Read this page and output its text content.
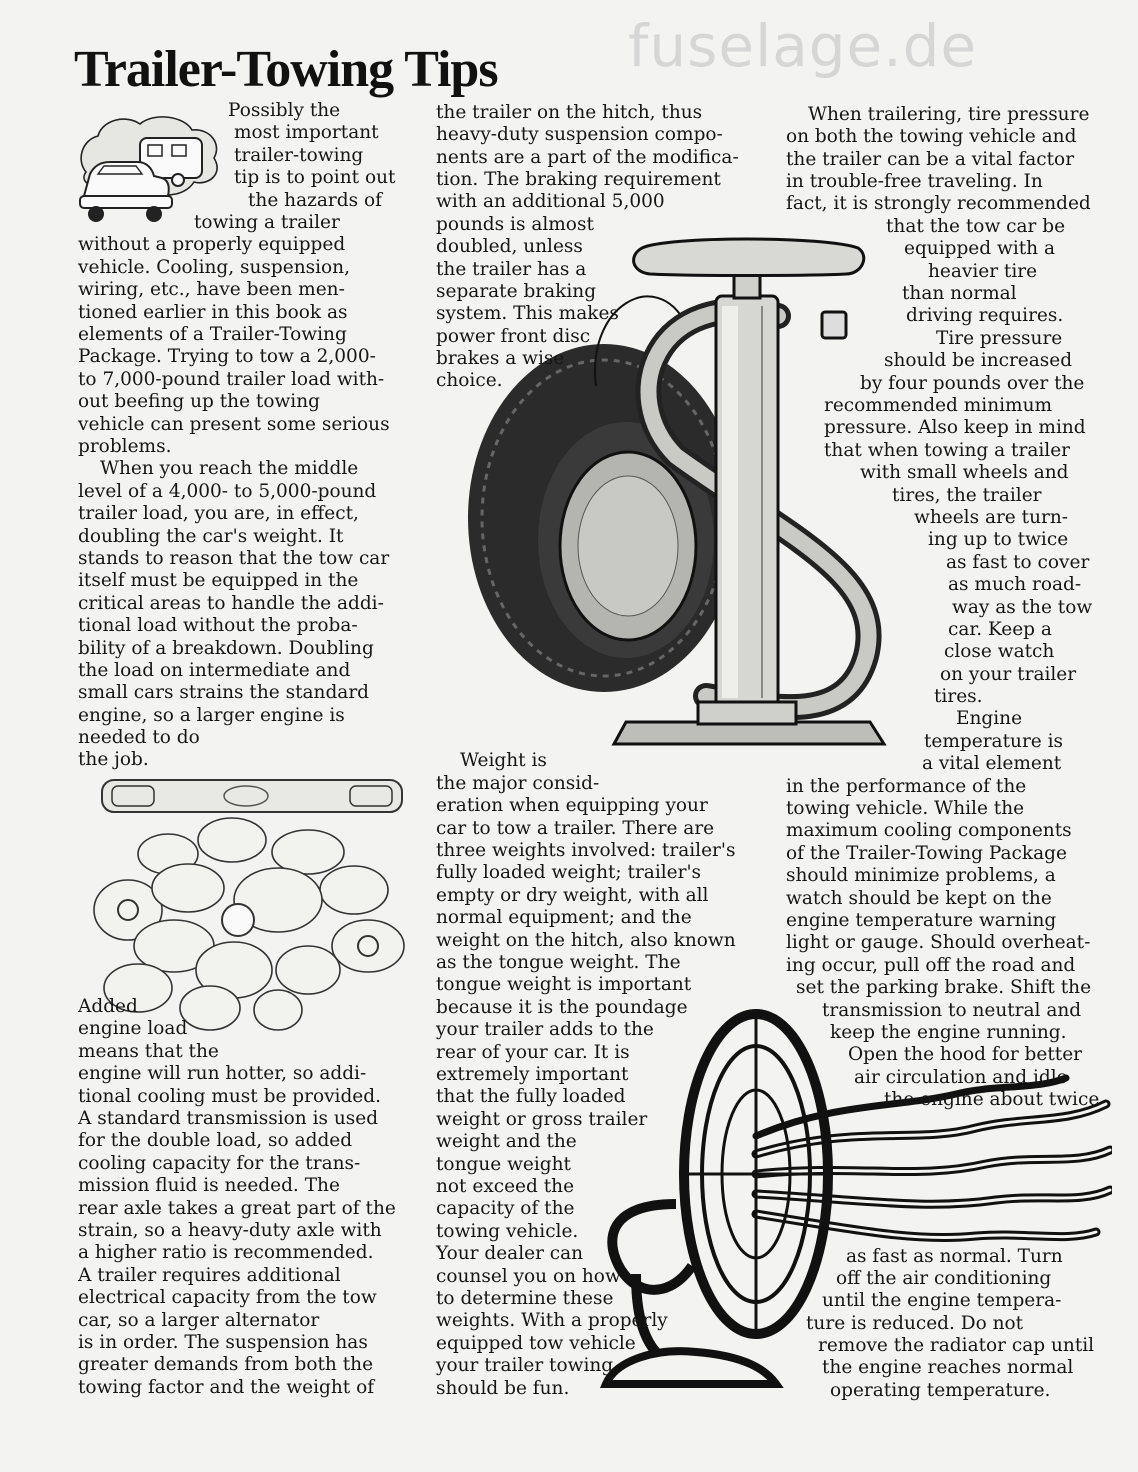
fuselage.de
Trailer-Towing Tips
Possibly the
most important
trailer-towing
tip is to point out
the hazards of
towing a trailer
without a properly equipped
vehicle. Cooling, suspension,
wiring, etc., have been men-
tioned earlier in this book as
elements of a Trailer-Towing
Package. Trying to tow a 2,000-
to 7,000-pound trailer load with-
out beefing up the towing
vehicle can present some serious
problems.
When you reach the middle
level of a 4,000- to 5,000-pound
trailer load, you are, in effect,
doubling the car's weight. It
stands to reason that the tow car
itself must be equipped in the
critical areas to handle the addi-
tional load without the proba-
bility of a breakdown. Doubling
the load on intermediate and
small cars strains the standard
engine, so a larger engine is
needed to do
the job.
Added
engine load
means that the
engine will run hotter, so addi-
tional cooling must be provided.
A standard transmission is used
for the double load, so added
cooling capacity for the trans-
mission fluid is needed. The
rear axle takes a great part of the
strain, so a heavy-duty axle with
a higher ratio is recommended.
A trailer requires additional
electrical capacity from the tow
car, so a larger alternator
is in order. The suspension has
greater demands from both the
towing factor and the weight of
the trailer on the hitch, thus
heavy-duty suspension compo-
nents are a part of the modifica-
tion. The braking requirement
with an additional 5,000
pounds is almost
doubled, unless
the trailer has a
separate braking
system. This makes
power front disc
brakes a wise
choice.
Weight is
the major consid-
eration when equipping your
car to tow a trailer. There are
three weights involved: trailer's
fully loaded weight; trailer's
empty or dry weight, with all
normal equipment; and the
weight on the hitch, also known
as the tongue weight. The
tongue weight is important
because it is the poundage
your trailer adds to the
rear of your car. It is
extremely important
that the fully loaded
weight or gross trailer
weight and the
tongue weight
not exceed the
capacity of the
towing vehicle.
Your dealer can
counsel you on how
to determine these
weights. With a properly
equipped tow vehicle
your trailer towing
should be fun.
When trailering, tire pressure
on both the towing vehicle and
the trailer can be a vital factor
in trouble-free traveling. In
fact, it is strongly recommended
that the tow car be
equipped with a
heavier tire
than normal
driving requires.
Tire pressure
should be increased
by four pounds over the
recommended minimum
pressure. Also keep in mind
that when towing a trailer
with small wheels and
tires, the trailer
wheels are turn-
ing up to twice
as fast to cover
as much road-
way as the tow
car. Keep a
close watch
on your trailer
tires.
Engine
temperature is
a vital element
in the performance of the
towing vehicle. While the
maximum cooling components
of the Trailer-Towing Package
should minimize problems, a
watch should be kept on the
engine temperature warning
light or gauge. Should overheat-
ing occur, pull off the road and
set the parking brake. Shift the
transmission to neutral and
keep the engine running.
Open the hood for better
air circulation and idle
the engine about twice
as fast as normal. Turn
off the air conditioning
until the engine tempera-
ture is reduced. Do not
remove the radiator cap until
the engine reaches normal
operating temperature.
